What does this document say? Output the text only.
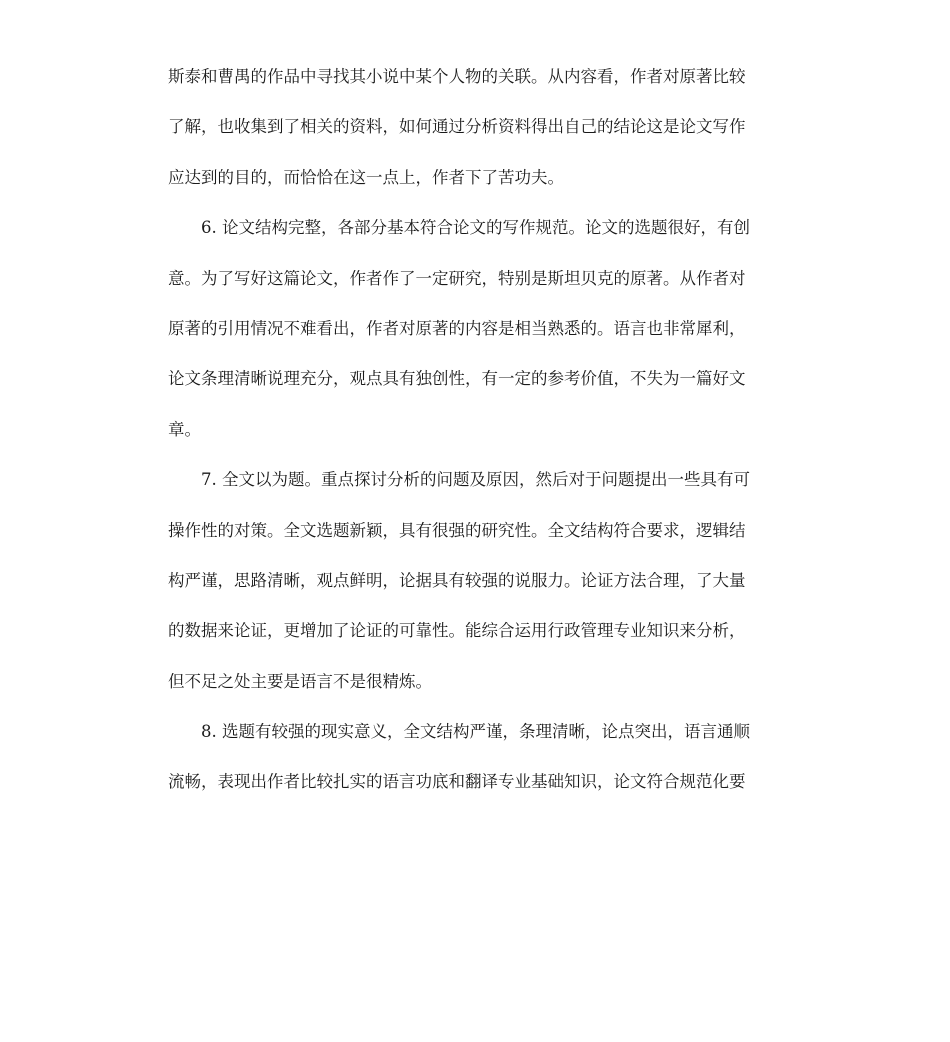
斯泰和曹禺的作品中寻找其小说中某个人物的关联。从内容看，作者对原著比较
了解，也收集到了相关的资料，如何通过分析资料得出自己的结论这是论文写作
应达到的目的，而恰恰在这一点上，作者下了苦功夫。
6. 论文结构完整，各部分基本符合论文的写作规范。论文的选题很好，有创
意。为了写好这篇论文，作者作了一定研究，特别是斯坦贝克的原著。从作者对
原著的引用情况不难看出，作者对原著的内容是相当熟悉的。语言也非常犀利，
论文条理清晰说理充分，观点具有独创性，有一定的参考价值，不失为一篇好文
章。
7. 全文以为题。重点探讨分析的问题及原因，然后对于问题提出一些具有可
操作性的对策。全文选题新颖，具有很强的研究性。全文结构符合要求，逻辑结
构严谨，思路清晰，观点鲜明，论据具有较强的说服力。论证方法合理，了大量
的数据来论证，更增加了论证的可靠性。能综合运用行政管理专业知识来分析，
但不足之处主要是语言不是很精炼。
8. 选题有较强的现实意义，全文结构严谨，条理清晰，论点突出，语言通顺
流畅，表现出作者比较扎实的语言功底和翻译专业基础知识，论文符合规范化要
